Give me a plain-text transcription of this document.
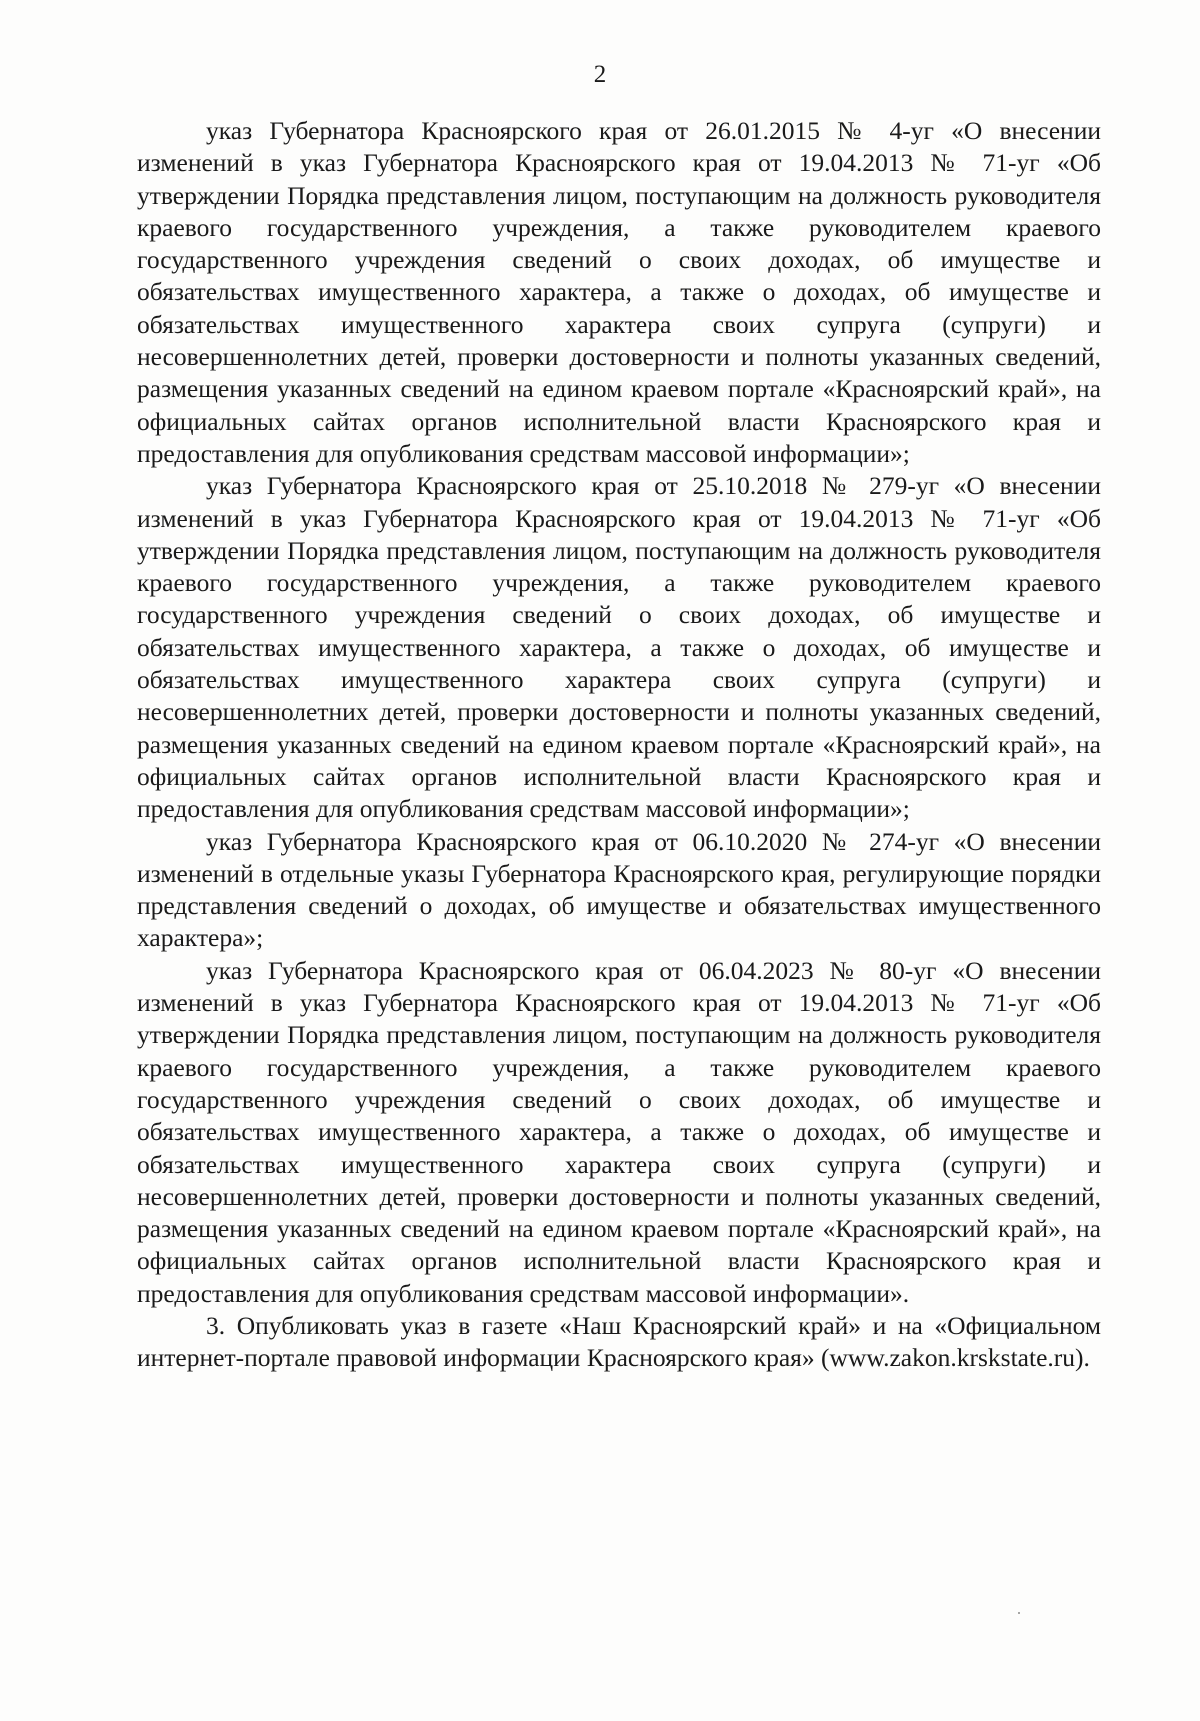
2

указ Губернатора Красноярского края от 26.01.2015 № 4-уг «О внесении изменений в указ Губернатора Красноярского края от 19.04.2013 № 71-уг «Об утверждении Порядка представления лицом, поступающим на должность руководителя краевого государственного учреждения, а также руководителем краевого государственного учреждения сведений о своих доходах, об имуществе и обязательствах имущественного характера, а также о доходах, об имуществе и обязательствах имущественного характера своих супруга (супруги) и несовершеннолетних детей, проверки достоверности и полноты указанных сведений, размещения указанных сведений на едином краевом портале «Красноярский край», на официальных сайтах органов исполнительной власти Красноярского края и предоставления для опубликования средствам массовой информации»;

указ Губернатора Красноярского края от 25.10.2018 № 279-уг «О внесении изменений в указ Губернатора Красноярского края от 19.04.2013 № 71-уг «Об утверждении Порядка представления лицом, поступающим на должность руководителя краевого государственного учреждения, а также руководителем краевого государственного учреждения сведений о своих доходах, об имуществе и обязательствах имущественного характера, а также о доходах, об имуществе и обязательствах имущественного характера своих супруга (супруги) и несовершеннолетних детей, проверки достоверности и полноты указанных сведений, размещения указанных сведений на едином краевом портале «Красноярский край», на официальных сайтах органов исполнительной власти Красноярского края и предоставления для опубликования средствам массовой информации»;

указ Губернатора Красноярского края от 06.10.2020 № 274-уг «О внесении изменений в отдельные указы Губернатора Красноярского края, регулирующие порядки представления сведений о доходах, об имуществе и обязательствах имущественного характера»;

указ Губернатора Красноярского края от 06.04.2023 № 80-уг «О внесении изменений в указ Губернатора Красноярского края от 19.04.2013 № 71-уг «Об утверждении Порядка представления лицом, поступающим на должность руководителя краевого государственного учреждения, а также руководителем краевого государственного учреждения сведений о своих доходах, об имуществе и обязательствах имущественного характера, а также о доходах, об имуществе и обязательствах имущественного характера своих супруга (супруги) и несовершеннолетних детей, проверки достоверности и полноты указанных сведений, размещения указанных сведений на едином краевом портале «Красноярский край», на официальных сайтах органов исполнительной власти Красноярского края и предоставления для опубликования средствам массовой информации».

3. Опубликовать указ в газете «Наш Красноярский край» и на «Официальном интернет-портале правовой информации Красноярского края» (www.zakon.krskstate.ru).
